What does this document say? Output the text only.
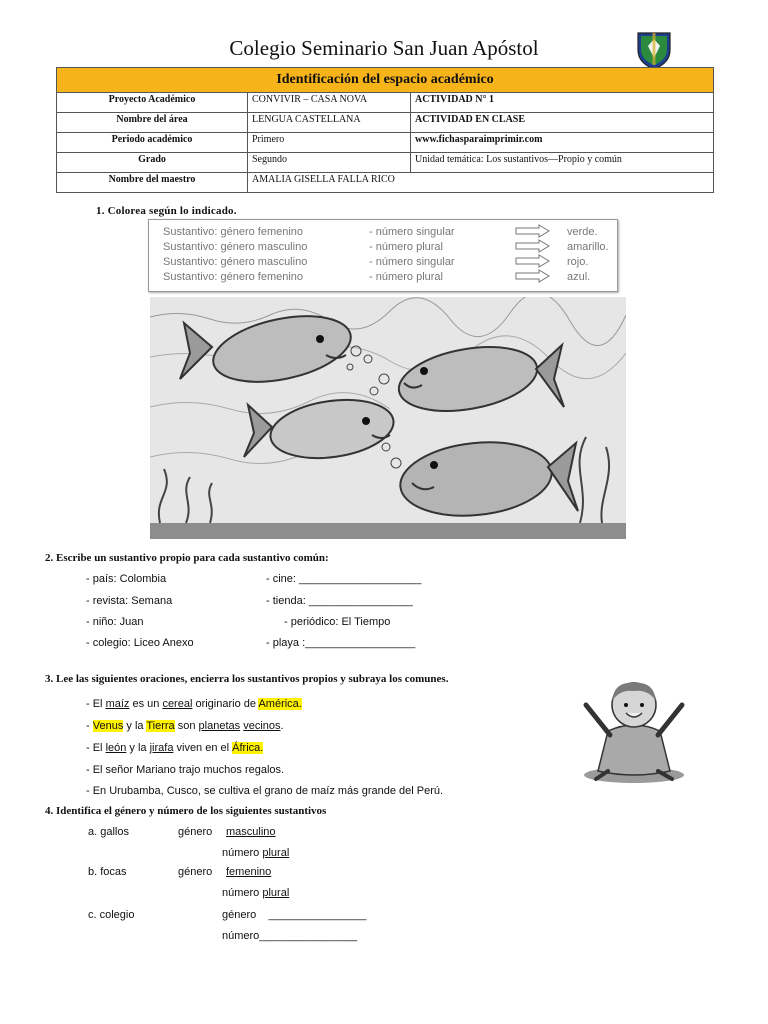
Colegio Seminario San Juan Apóstol
Identificación del espacio académico		
Proyecto Académico	CONVIVIR – CASA NOVA	ACTIVIDAD N° 1
Nombre del área	LENGUA CASTELLANA	ACTIVIDAD EN CLASE
Periodo académico	Primero	www.fichasparaimprimir.com
Grado	Segundo	Unidad temática: Los sustantivos—Propio y común
Nombre del maestro	AMALIA GISELLA FALLA RICO	
1. Colorea según lo indicado.
Sustantivo: género femenino	- número singular	verde.
Sustantivo: género masculino	- número plural	amarillo.
Sustantivo: género masculino	- número singular	rojo.
Sustantivo: género femenino	- número plural	azul.
2. Escribe un sustantivo propio para cada sustantivo común:
- país: Colombia	- cine: ____________________
- revista: Semana	- tienda: _________________
- niño: Juan	- periódico: El Tiempo
- colegio: Liceo Anexo	- playa :__________________
3. Lee las siguientes oraciones, encierra los sustantivos propios y subraya los comunes.
- El maíz es un cereal originario de América.
- Venus y la Tierra son planetas vecinos.
- El león y la jirafa viven en el África.
- El señor Mariano trajo muchos regalos.
- En Urubamba, Cusco, se cultiva el grano de maíz más grande del Perú.
4. Identifica el género y número de los siguientes sustantivos
a. gallos	género masculino
número plural
b. focas	género femenino
número plural
c. colegio	género ________________
número________________
